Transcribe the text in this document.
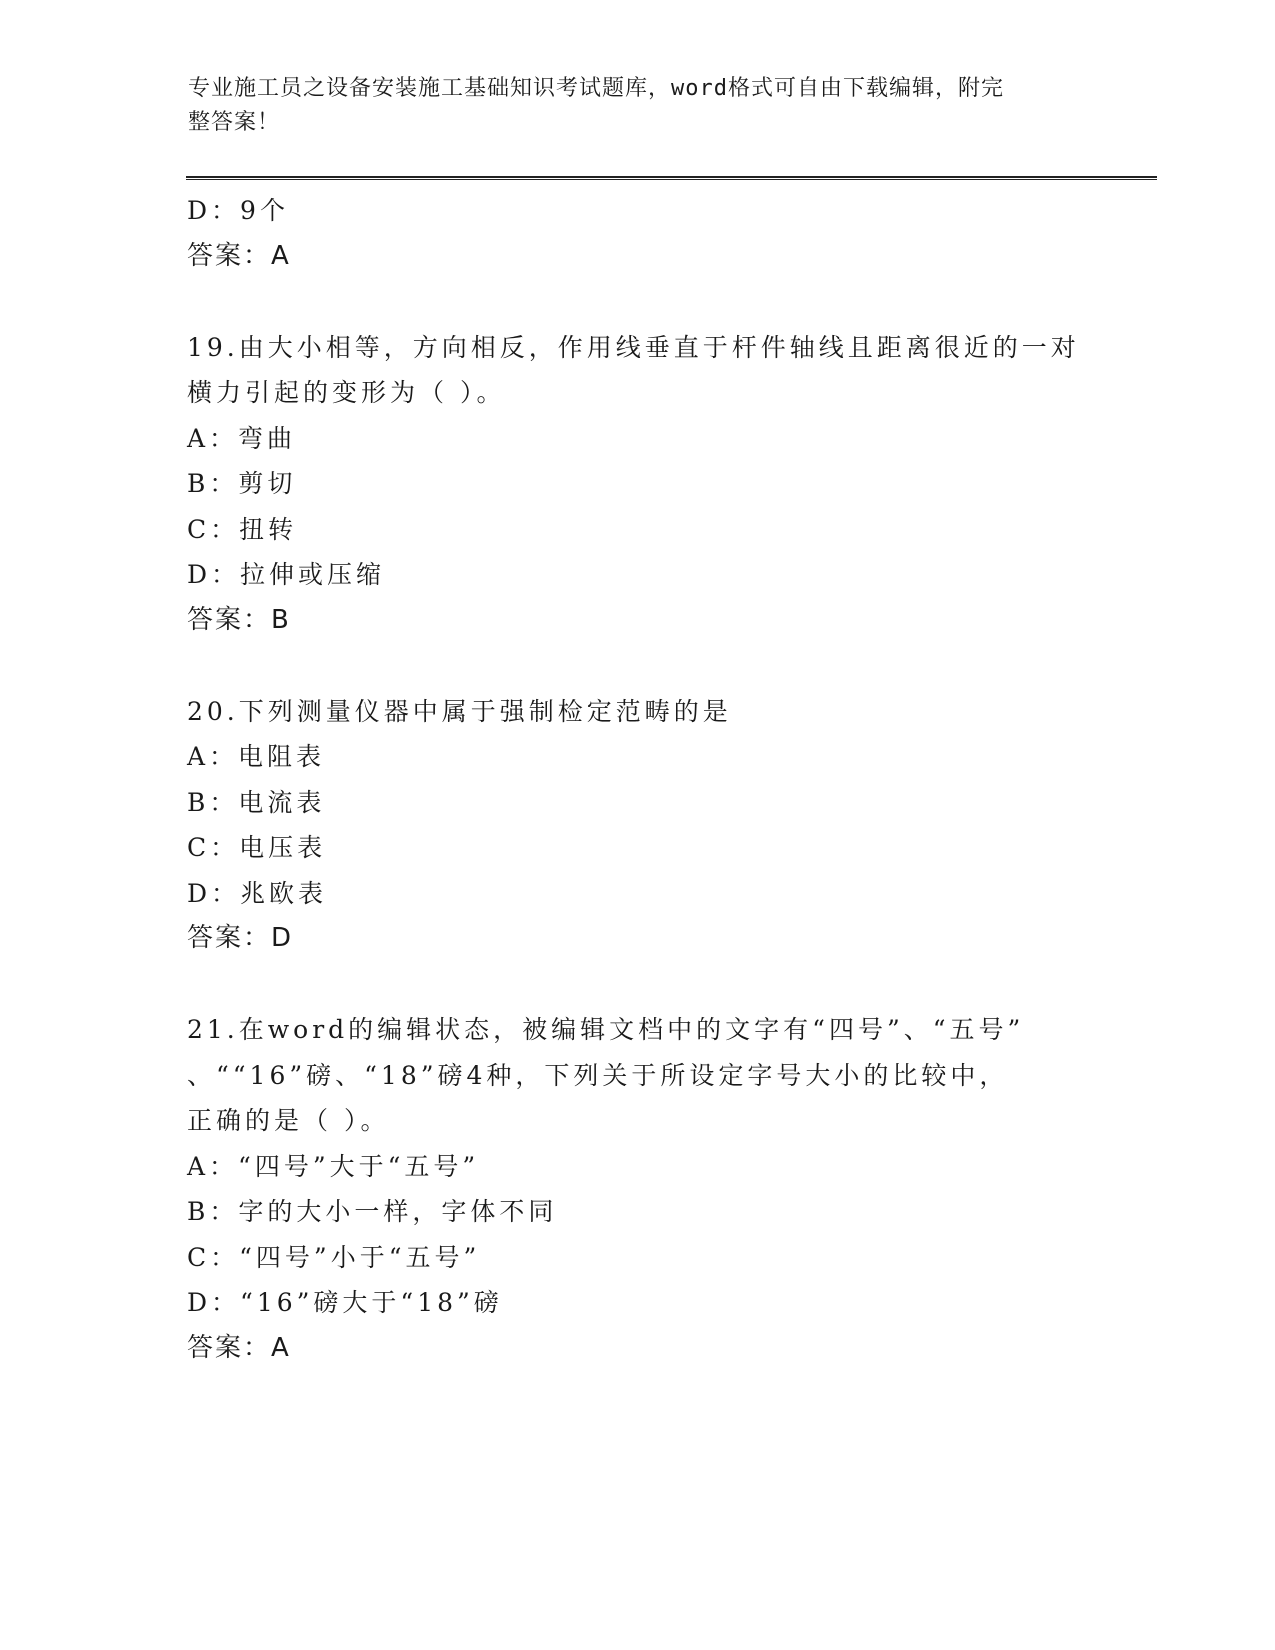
专业施工员之设备安装施工基础知识考试题库，word格式可自由下载编辑，附完
整答案！
D：9个
答案：A
19.由大小相等，方向相反，作用线垂直于杆件轴线且距离很近的一对
横力引起的变形为（ ）。
A：弯曲
B：剪切
C：扭转
D：拉伸或压缩
答案：B
20.下列测量仪器中属于强制检定范畴的是
A：电阻表
B：电流表
C：电压表
D：兆欧表
答案：D
21.在word的编辑状态，被编辑文档中的文字有“四号”、“五号”
、““16”磅、“18”磅4种，下列关于所设定字号大小的比较中，
正确的是（ ）。
A：“四号”大于“五号”
B：字的大小一样，字体不同
C：“四号”小于“五号”
D：“16”磅大于“18”磅
答案：A
